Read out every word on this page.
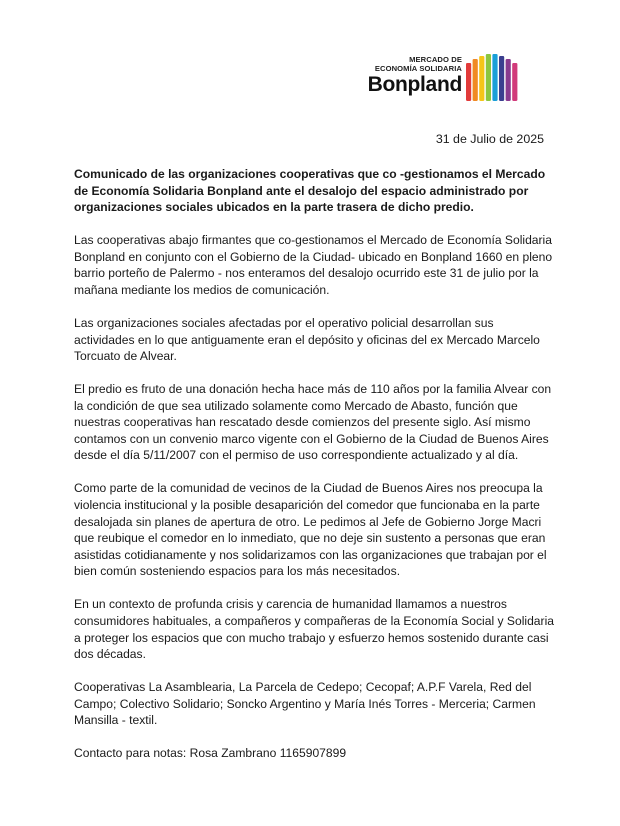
MERCADO DE
ECONOMÍA SOLIDARIA
Bonpland
31 de Julio de 2025

Comunicado de las organizaciones cooperativas que co -gestionamos el Mercado de Economía Solidaria Bonpland ante el desalojo del espacio administrado por organizaciones sociales ubicados en la parte trasera de dicho predio.

Las cooperativas abajo firmantes que co-gestionamos el Mercado de Economía Solidaria Bonpland en conjunto con el Gobierno de la Ciudad- ubicado en Bonpland 1660 en pleno barrio porteño de Palermo - nos enteramos del desalojo ocurrido este 31 de julio por la mañana mediante los medios de comunicación.

Las organizaciones sociales afectadas por el operativo policial desarrollan sus actividades en lo que antiguamente eran el depósito y oficinas del ex Mercado Marcelo Torcuato de Alvear.

El predio es fruto de una donación hecha hace más de 110 años por la familia Alvear con la condición de que sea utilizado solamente como Mercado de Abasto, función que nuestras cooperativas han rescatado desde comienzos del presente siglo. Así mismo contamos con un convenio marco vigente con el Gobierno de la Ciudad de Buenos Aires desde el día 5/11/2007 con el permiso de uso correspondiente actualizado y al día.

Como parte de la comunidad de vecinos de la Ciudad de Buenos Aires nos preocupa la violencia institucional y la posible desaparición del comedor que funcionaba en la parte desalojada sin planes de apertura de otro. Le pedimos al Jefe de Gobierno Jorge Macri que reubique el comedor en lo inmediato, que no deje sin sustento a personas que eran asistidas cotidianamente y nos solidarizamos con las organizaciones que trabajan por el bien común sosteniendo espacios para los más necesitados.

En un contexto de profunda crisis y carencia de humanidad llamamos a nuestros consumidores habituales, a compañeros y compañeras de la Economía Social y Solidaria a proteger los espacios que con mucho trabajo y esfuerzo hemos sostenido durante casi dos décadas.

Cooperativas La Asamblearia, La Parcela de Cedepo; Cecopaf; A.P.F Varela, Red del Campo; Colectivo Solidario; Soncko Argentino y María Inés Torres - Merceria; Carmen Mansilla - textil.

Contacto para notas: Rosa Zambrano 1165907899
